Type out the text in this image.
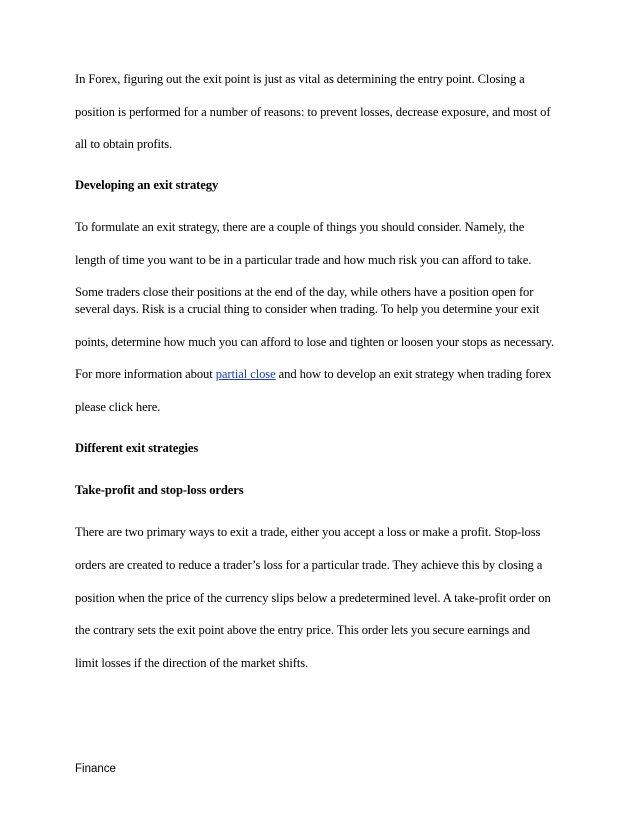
In Forex, figuring out the exit point is just as vital as determining the entry point. Closing a
position is performed for a number of reasons: to prevent losses, decrease exposure, and most of
all to obtain profits.
Developing an exit strategy
To formulate an exit strategy, there are a couple of things you should consider. Namely, the
length of time you want to be in a particular trade and how much risk you can afford to take.
Some traders close their positions at the end of the day, while others have a position open for
several days. Risk is a crucial thing to consider when trading. To help you determine your exit
points, determine how much you can afford to lose and tighten or loosen your stops as necessary.
For more information about partial close and how to develop an exit strategy when trading forex
please click here.
Different exit strategies
Take-profit and stop-loss orders
There are two primary ways to exit a trade, either you accept a loss or make a profit. Stop-loss
orders are created to reduce a trader’s loss for a particular trade. They achieve this by closing a
position when the price of the currency slips below a predetermined level. A take-profit order on
the contrary sets the exit point above the entry price. This order lets you secure earnings and
limit losses if the direction of the market shifts.
Finance
